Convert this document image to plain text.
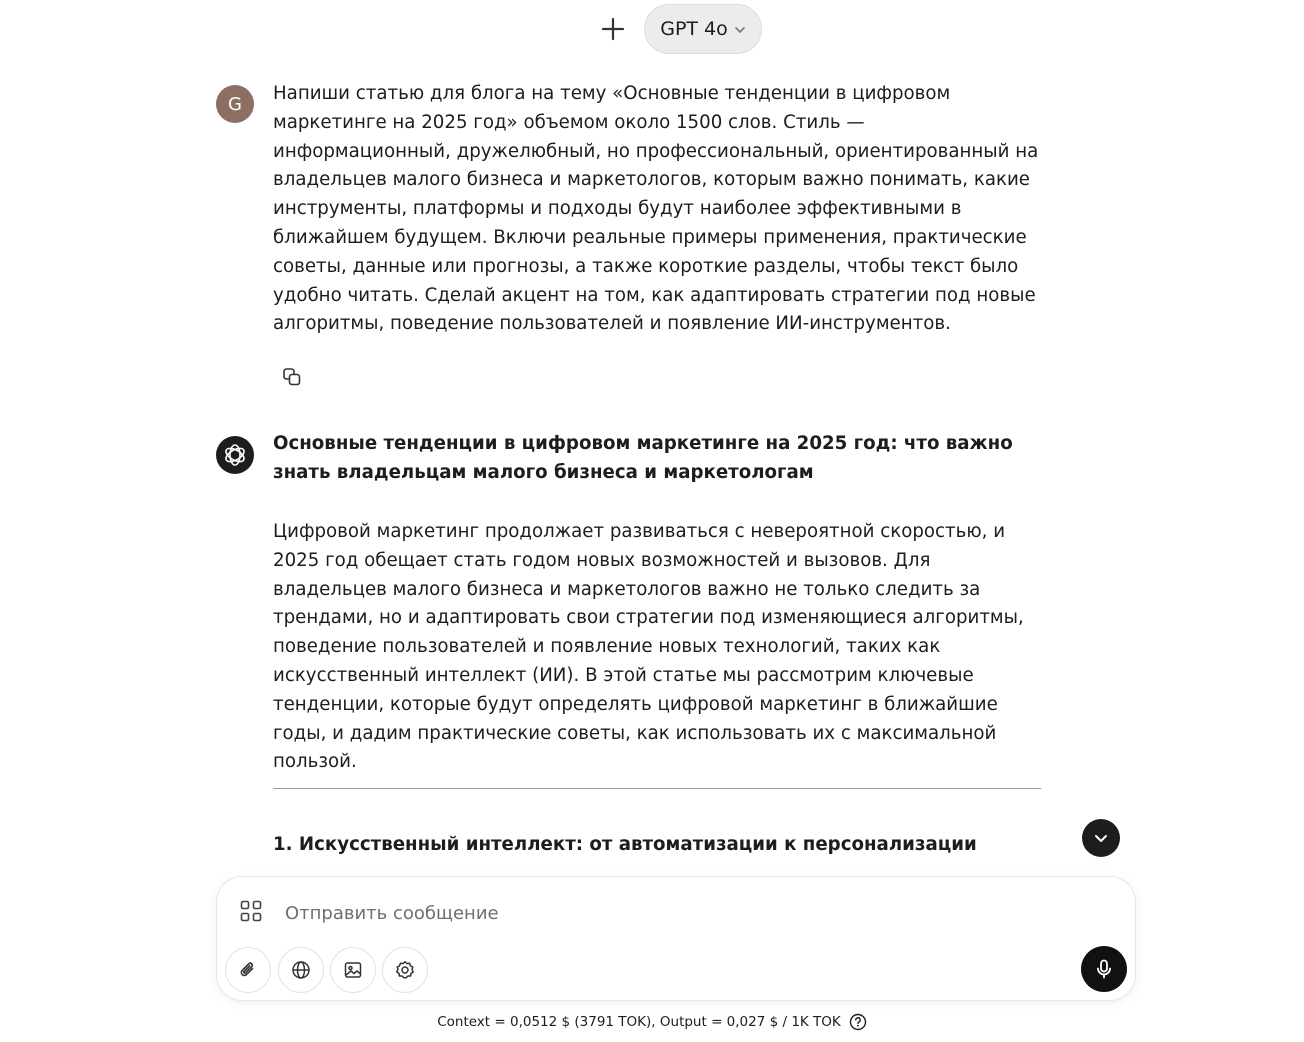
GPT 4o
G Напиши статью для блога на тему «Основные тенденции в цифровом маркетинге на 2025 год» объемом около 1500 слов. Стиль — информационный, дружелюбный, но профессиональный, ориентированный на владельцев малого бизнеса и маркетологов, которым важно понимать, какие инструменты, платформы и подходы будут наиболее эффективными в ближайшем будущем. Включи реальные примеры применения, практические советы, данные или прогнозы, а также короткие разделы, чтобы текст было удобно читать. Сделай акцент на том, как адаптировать стратегии под новые алгоритмы, поведение пользователей и появление ИИ-инструментов.

Основные тенденции в цифровом маркетинге на 2025 год: что важно знать владельцам малого бизнеса и маркетологам

Цифровой маркетинг продолжает развиваться с невероятной скоростью, и 2025 год обещает стать годом новых возможностей и вызовов. Для владельцев малого бизнеса и маркетологов важно не только следить за трендами, но и адаптировать свои стратегии под изменяющиеся алгоритмы, поведение пользователей и появление новых технологий, таких как искусственный интеллект (ИИ). В этой статье мы рассмотрим ключевые тенденции, которые будут определять цифровой маркетинг в ближайшие годы, и дадим практические советы, как использовать их с максимальной пользой.

1. Искусственный интеллект: от автоматизации к персонализации

Отправить сообщение
Context = 0,0512 $ (3791 TOK), Output = 0,027 $ / 1K TOK
